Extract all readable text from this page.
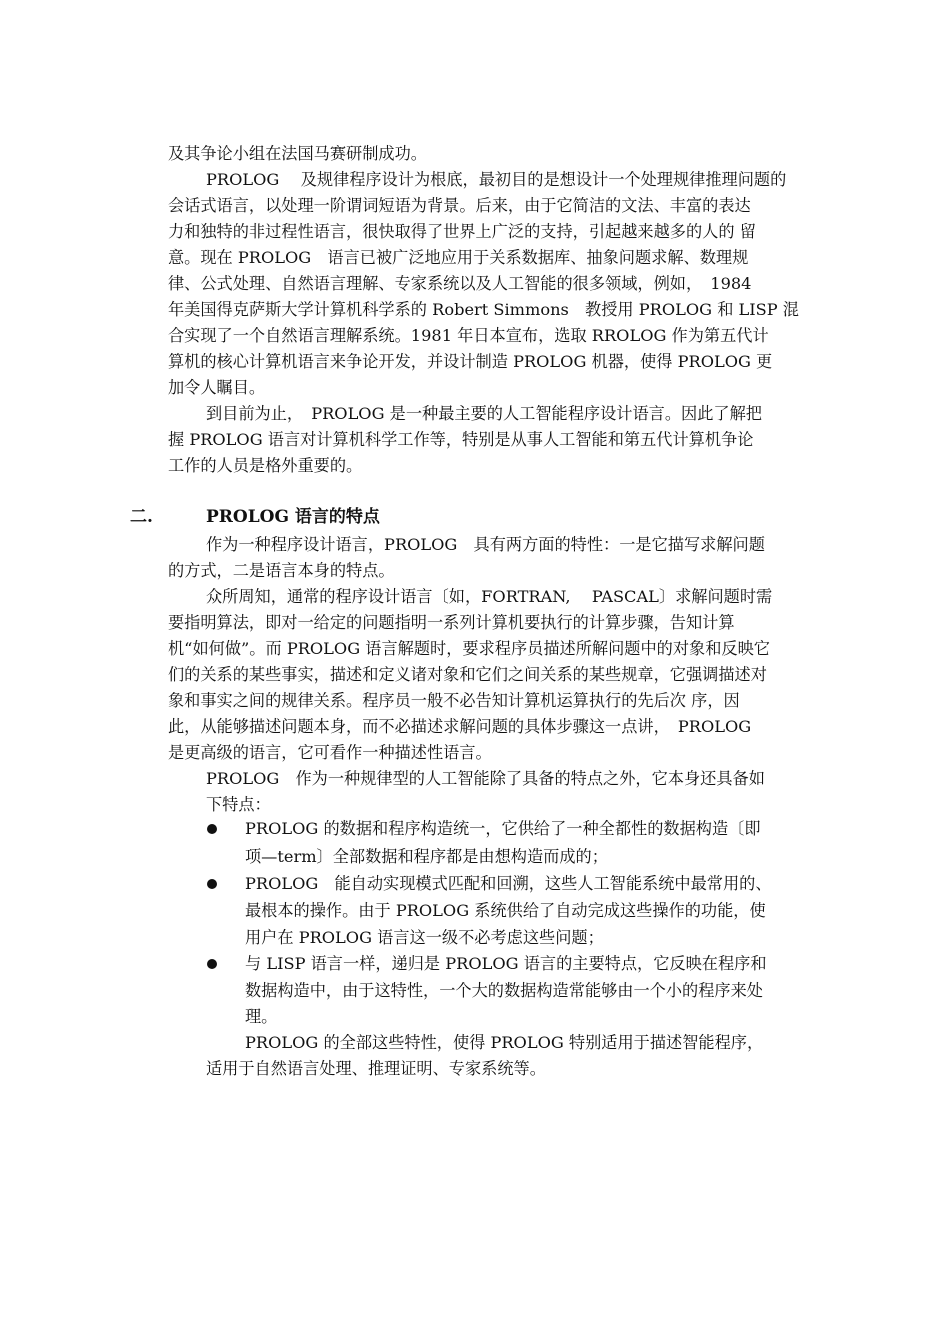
及其争论小组在法国马赛研制成功。
PROLOG　 及规律程序设计为根底，最初目的是想设计一个处理规律推理问题的
会话式语言，以处理一阶谓词短语为背景。后来，由于它简洁的文法、丰富的表达
力和独特的非过程性语言，很快取得了世界上广泛的支持，引起越来越多的人的 留
意。现在 PROLOG　语言已被广泛地应用于关系数据库、抽象问题求解、数理规
律、公式处理、自然语言理解、专家系统以及人工智能的很多领域，例如，　1984
年美国得克萨斯大学计算机科学系的 Robert Simmons　教授用 PROLOG 和 LISP 混
合实现了一个自然语言理解系统。1981 年日本宣布，选取 RROLOG 作为第五代计
算机的核心计算机语言来争论开发，并设计制造 PROLOG 机器，使得 PROLOG 更
加令人瞩目。
到目前为止，　PROLOG 是一种最主要的人工智能程序设计语言。因此了解把
握 PROLOG 语言对计算机科学工作等，特别是从事人工智能和第五代计算机争论
工作的人员是格外重要的。
二.	PROLOG 语言的特点
作为一种程序设计语言，PROLOG　具有两方面的特性：一是它描写求解问题
的方式，二是语言本身的特点。
众所周知，通常的程序设计语言〔如，FORTRAN,　 PASCAL〕求解问题时需
要指明算法，即对一给定的问题指明一系列计算机要执行的计算步骤，告知计算
机“如何做”。而 PROLOG 语言解题时，要求程序员描述所解问题中的对象和反映它
们的关系的某些事实，描述和定义诸对象和它们之间关系的某些规章，它强调描述对
象和事实之间的规律关系。程序员一般不必告知计算机运算执行的先后次 序，因
此，从能够描述问题本身，而不必描述求解问题的具体步骤这一点讲，　PROLOG
是更高级的语言，它可看作一种描述性语言。
PROLOG　作为一种规律型的人工智能除了具备的特点之外，它本身还具备如
下特点：
PROLOG 的数据和程序构造统一，它供给了一种全都性的数据构造〔即
项—term〕全部数据和程序都是由想构造而成的；
PROLOG　能自动实现模式匹配和回溯，这些人工智能系统中最常用的、
最根本的操作。由于 PROLOG 系统供给了自动完成这些操作的功能，使
用户在 PROLOG 语言这一级不必考虑这些问题；
与 LISP 语言一样，递归是 PROLOG 语言的主要特点，它反映在程序和
数据构造中，由于这特性，一个大的数据构造常能够由一个小的程序来处
理。
PROLOG 的全部这些特性，使得 PROLOG 特别适用于描述智能程序，
适用于自然语言处理、推理证明、专家系统等。
